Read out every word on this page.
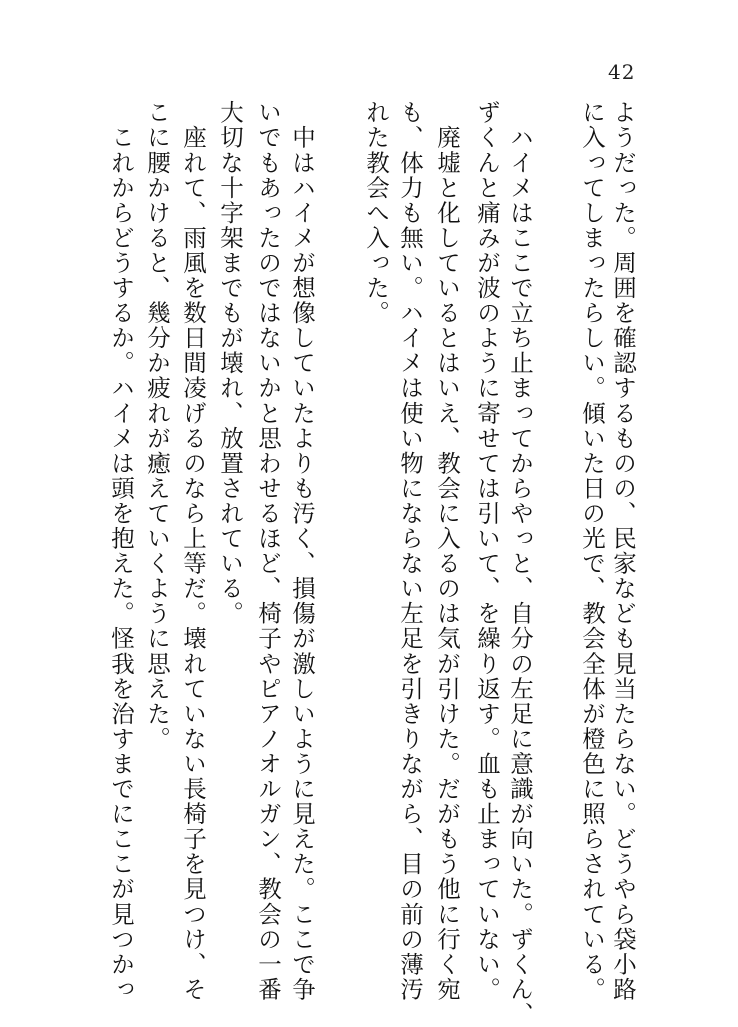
42
ようだった。周囲を確認するものの、民家なども見当たらない。どうやら袋小路
に入ってしまったらしい。傾いた日の光で、教会全体が橙色に照らされている。
　ハイメはここで立ち止まってからやっと、自分の左足に意識が向いた。ずくん、
ずくんと痛みが波のように寄せては引いて、を繰り返す。血も止まっていない。
　廃墟と化しているとはいえ、教会に入るのは気が引けた。だがもう他に行く宛
も、体力も無い。ハイメは使い物にならない左足を引きりながら、目の前の薄汚
れた教会へ入った。
　中はハイメが想像していたよりも汚く、損傷が激しいように見えた。ここで争
いでもあったのではないかと思わせるほど、椅子やピアノオルガン、教会の一番
大切な十字架までもが壊れ、放置されている。
　座れて、雨風を数日間凌げるのなら上等だ。壊れていない長椅子を見つけ、そ
こに腰かけると、幾分か疲れが癒えていくように思えた。
　これからどうするか。ハイメは頭を抱えた。怪我を治すまでにここが見つかっ
